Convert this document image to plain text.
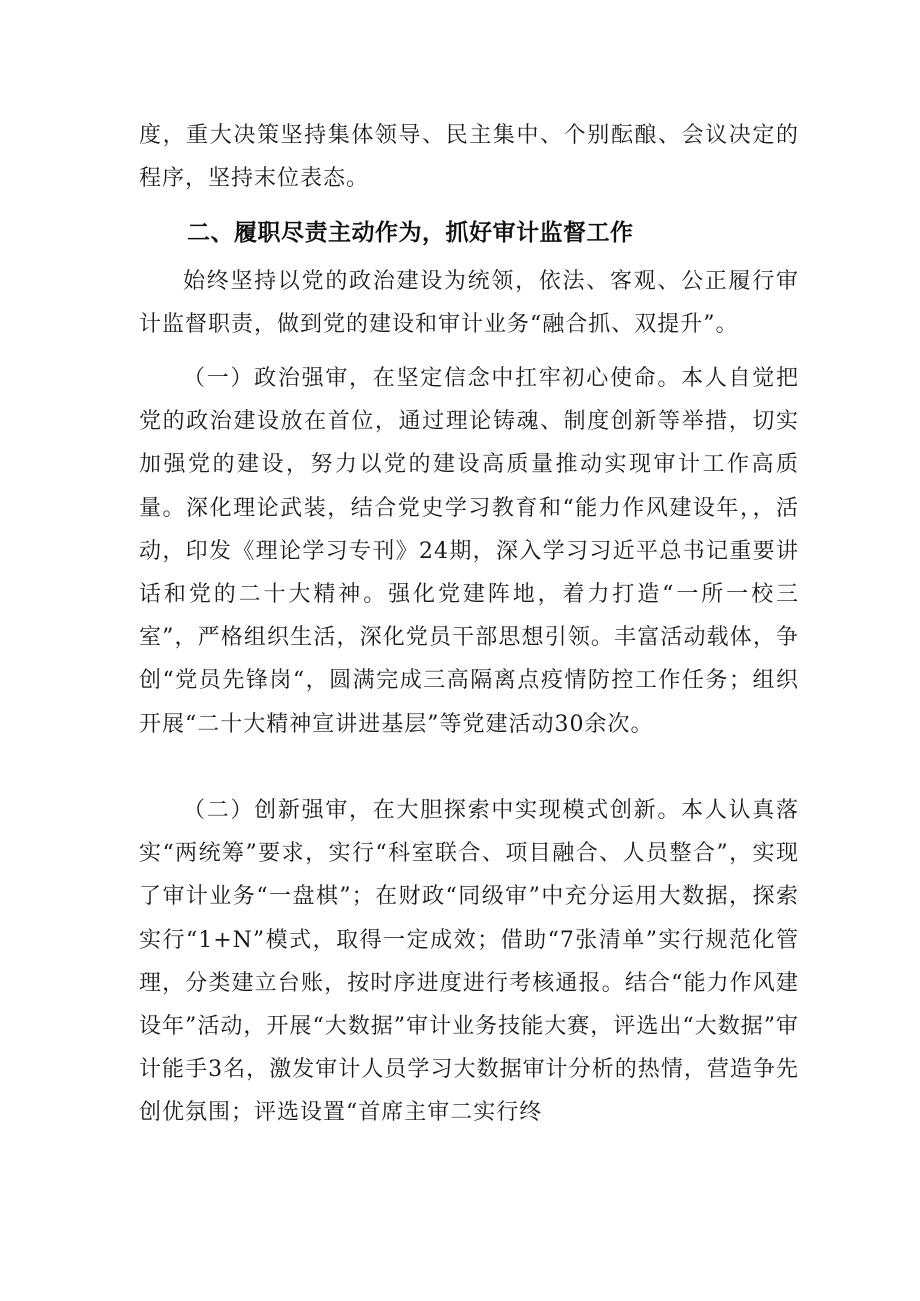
度，重大决策坚持集体领导、民主集中、个别酝酿、会议决定的程序，坚持末位表态。

二、履职尽责主动作为，抓好审计监督工作

始终坚持以党的政治建设为统领，依法、客观、公正履行审计监督职责，做到党的建设和审计业务“融合抓、双提升”。

（一）政治强审，在坚定信念中扛牢初心使命。本人自觉把党的政治建设放在首位，通过理论铸魂、制度创新等举措，切实加强党的建设，努力以党的建设高质量推动实现审计工作高质量。深化理论武装，结合党史学习教育和“能力作风建设年，，活动，印发《理论学习专刊》24期，深入学习习近平总书记重要讲话和党的二十大精神。强化党建阵地，着力打造“一所一校三室”，严格组织生活，深化党员干部思想引领。丰富活动载体，争创“党员先锋岗“，圆满完成三高隔离点疫情防控工作任务；组织开展“二十大精神宣讲进基层”等党建活动30余次。

（二）创新强审，在大胆探索中实现模式创新。本人认真落实“两统筹”要求，实行“科室联合、项目融合、人员整合”，实现了审计业务“一盘棋”；在财政“同级审”中充分运用大数据，探索实行“1+N”模式，取得一定成效；借助“7张清单”实行规范化管理，分类建立台账，按时序进度进行考核通报。结合“能力作风建设年”活动，开展“大数据”审计业务技能大赛，评选出“大数据”审计能手3名，激发审计人员学习大数据审计分析的热情，营造争先创优氛围；评选设置“首席主审二实行终
